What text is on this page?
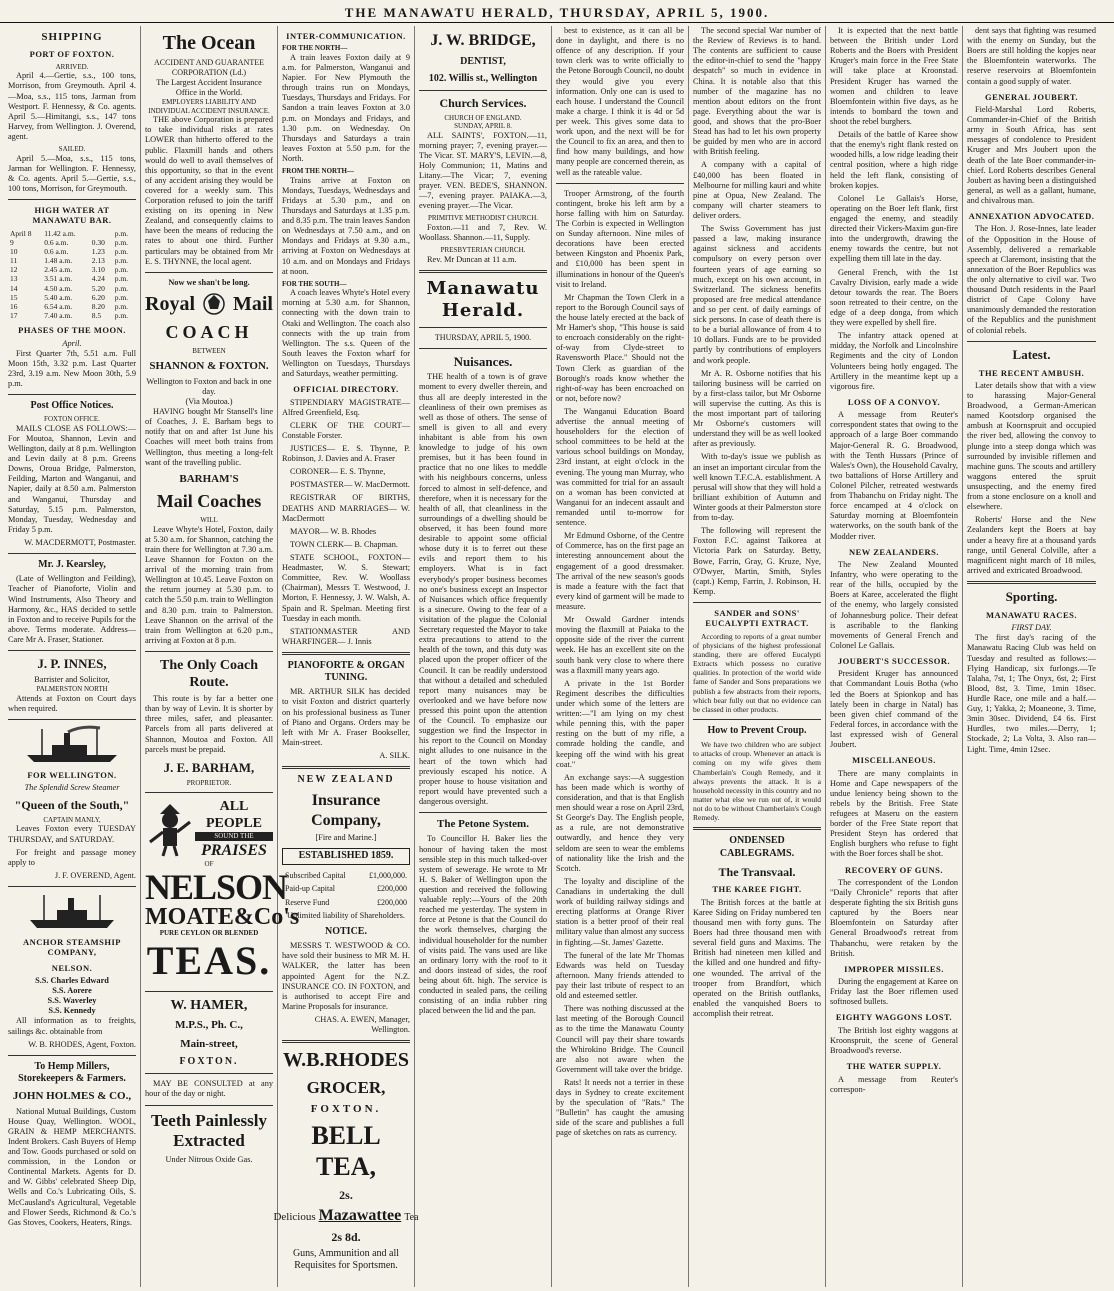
THE MANAWATU HERALD, THURSDAY, APRIL 5, 1900.
SHIPPING
PORT OF FOXTON.
ARRIVED.

April 4.—Gertie, s.s., 100 tons, Morrison, from Greymouth. April 4.—Moa, s.s., 115 tons, Jarman from Westport. F. Hennessy, & Co. agents. April 5.—Himitangi, s.s., 147 tons Harvey, from Wellington. J. Overend, agent.

SAILED.

April 5.—Moa, s.s., 115 tons, Jarman for Wellington. F. Hennessy, & Co. agents. April 5.—Gertie, s.s., 100 tons, Morrison, for Greymouth.

HIGH WATER AT MANAWATU BAR.
April 8	11.42 a.m.		p.m.
9	0.6 a.m.	0.30	p.m.
10	0.6 a.m.	1.23	p.m.
11	1.48 a.m.	2.13	p.m.
12	2.45 a.m.	3.10	p.m.
13	3.51 a.m.	4.24	p.m.
14	4.50 a.m.	5.20	p.m.
15	5.40 a.m.	6.20	p.m.
16	6.54 a.m.	8.20	p.m.
17	7.40 a.m.	8.5	p.m.
PHASES OF THE MOON.
April.

First Quarter 7th, 5.51 a.m. Full Moon 15th, 3.32 p.m. Last Quarter 23rd, 3.19 a.m. New Moon 30th, 5.9 p.m.

Post Office Notices.
FOXTON OFFICE.

MAILS CLOSE AS FOLLOWS:— For Moutoa, Shannon, Levin and Wellington, daily at 8 p.m. Wellington and Levin daily at 8 p.m. Greens Downs, Oroua Bridge, Palmerston, Feilding, Marton and Wanganui, and Napier, daily at 8.50 a.m. Palmerston and Wanganui, Thursday and Saturday, 5.15 p.m. Palmerston, Monday, Tuesday, Wednesday and Friday 5 p.m.

W. MACDERMOTT, Postmaster.
Mr. J. Kearsley,

(Late of Wellington and Feilding), Teacher of Pianoforte, Violin and Wind Instruments, Also Theory and Harmony, &c., HAS decided to settle in Foxton and to receive Pupils for the above. Terms moderate. Address—Care Mr A. Fraser, Stationer.

J. P. INNES,
Barrister and Solicitor,
PALMERSTON NORTH

Attends at Foxton on Court days when required.

FOR WELLINGTON.
The Splendid Screw Steamer
"Queen of the South,"
CAPTAIN MANLY,

Leaves Foxton every TUESDAY THURSDAY, and SATURDAY.

For freight and passage money apply to

J. F. OVEREND, Agent.
ANCHOR STEAMSHIP COMPANY,
NELSON.
S.S. Charles Edward
S.S. Aorere
S.S. Waverley
S.S. Kennedy

All information as to freights, sailings &c. obtainable from

W. B. RHODES, Agent, Foxton.
To Hemp Millers, Storekeepers & Farmers.
JOHN HOLMES & CO.,

National Mutual Buildings, Custom House Quay, Wellington. WOOL, GRAIN & HEMP MERCHANTS. Indent Brokers. Cash Buyers of Hemp and Tow. Goods purchased or sold on commission, in the London or Continental Markets. Agents for D. and W. Gibbs' celebrated Sheep Dip, Wells and Co.'s Lubricating Oils, S. McCausland's Agricultural, Vegetable and Flower Seeds, Richmond & Co.'s Gas Stoves, Cookers, Heaters, Rings.

The Ocean
ACCIDENT AND GUARANTEE CORPORATION (Ld.)
The Largest Accident Insurance Office in the World.
EMPLOYERS LIABILITY AND INDIVIDUAL ACCIDENT INSURANCE.

THE above Corporation is prepared to take individual risks at rates LOWER than hitherto offered to the public. Flaxmill hands and others would do well to avail themselves of this opportunity, so that in the event of any accident arising they would be covered for a weekly sum. This Corporation refused to join the tariff existing on its opening in New Zealand, and consequently claims to have been the means of reducing the rates to about one third. Further particulars may be obtained from Mr E. S. THYNNE, the local agent.

Now we shan't be long.
Royal Mail
COACH
BETWEEN
SHANNON & FOXTON.
Wellington to Foxton and back in one day.
(Via Moutoa.)

HAVING bought Mr Stansell's line of Coaches, J. E. Barham begs to notify that on and after 1st June his Coaches will meet both trains from Wellington, thus meeting a long-felt want of the travelling public.

BARHAM'S
Mail Coaches
WILL

Leave Whyte's Hotel, Foxton, daily at 5.30 a.m. for Shannon, catching the train there for Wellington at 7.30 a.m. Leave Shannon for Foxton on the arrival of the morning train from Wellington at 10.45. Leave Foxton on the return journey at 5.30 p.m. to catch the 5.50 p.m. train to Wellington and 8.30 p.m. train to Palmerston. Leave Shannon on the arrival of the train from Wellington at 6.20 p.m., arriving at Foxton at 8 p.m.

The Only Coach Route.

This route is by far a better one than by way of Levin. It is shorter by three miles, safer, and pleasanter. Parcels from all parts delivered at Shannon, Moutoa and Foxton. All parcels must be prepaid.

J. E. BARHAM,
PROPRIETOR.
ALL PEOPLE
SOUND THE
PRAISES
OF
NELSON
MOATE&Co's
PURE CEYLON OR BLENDED
TEAS.
W. HAMER,
M.P.S., Ph. C.,
Main-street,
FOXTON.

MAY BE CONSULTED at any hour of the day or night.

Teeth Painlessly Extracted
Under Nitrous Oxide Gas.
INTER-COMMUNICATION.
FOR THE NORTH—

A train leaves Foxton daily at 9 a.m. for Palmerston, Wanganui and Napier. For New Plymouth the through trains run on Mondays, Tuesdays, Thursdays and Fridays. For Sandon a train leaves Foxton at 3.0 p.m. on Mondays and Fridays, and 1.30 p.m. on Wednesday. On Thursdays and Saturdays a train leaves Foxton at 5.50 p.m. for the North.

FROM THE NORTH—

Trains arrive at Foxton on Mondays, Tuesdays, Wednesdays and Fridays at 5.30 p.m., and on Thursdays and Saturdays at 1.35 p.m. and 8.35 p.m. The train leaves Sandon on Wednesdays at 7.50 a.m., and on Mondays and Fridays at 9.30 a.m., arriving at Foxton on Wednesdays at 10 a.m. and on Mondays and Fridays at noon.

FOR THE SOUTH—

A coach leaves Whyte's Hotel every morning at 5.30 a.m. for Shannon, connecting with the down train to Otaki and Wellington. The coach also connects with the up train from Wellington. The s.s. Queen of the South leaves the Foxton wharf for Wellington on Tuesdays, Thursdays and Saturdays, weather permitting.

OFFICIAL DIRECTORY.

STIPENDIARY MAGISTRATE— Alfred Greenfield, Esq.

CLERK OF THE COURT— Constable Forster.

JUSTICES— E. S. Thynne, P. Robinson, J. Davies and A. Fraser

CORONER— E. S. Thynne,

POSTMASTER— W. MacDermott.

REGISTRAR OF BIRTHS, DEATHS AND MARRIAGES— W. MacDermott

MAYOR— W. B. Rhodes

TOWN CLERK— B. Chapman.

STATE SCHOOL, FOXTON— Headmaster, W. S. Stewart; Committee, Rev. W. Woollass (Chairman), Messrs T. Westwood, J. Morton, F. Hennessy, J. W. Walsh, A. Spain and R. Spelman. Meeting first Tuesday in each month.

STATIONMASTER AND WHARFINGER— J. Innis

PIANOFORTE & ORGAN TUNING.

MR. ARTHUR SILK has decided to visit Foxton and district quarterly on his professional business as Tuner of Piano and Organs. Orders may be left with Mr A. Fraser Bookseller, Main-street.

A. SILK.
NEW ZEALAND
Insurance Company,
[Fire and Marine.]
ESTABLISHED 1859.
Subscribed Capital	£1,000,000.
Paid-up Capital	£200,000
Reserve Fund	£200,000
Unlimited liability of Shareholders.
NOTICE.

MESSRS T. WESTWOOD & CO. have sold their business to MR M. H. WALKER, the latter has been appointed Agent for the N.Z. INSURANCE CO. IN FOXTON, and is authorised to accept Fire and Marine Proposals for insurance.

CHAS. A. EWEN, Manager, Wellington.
W.B.RHODES
GROCER,
FOXTON.
BELL TEA,
2s.
Delicious Mazawattee Tea
2s 8d.
Guns, Ammunition and all Requisites for Sportsmen.
J. W. BRIDGE,
DENTIST,
102. Willis st., Wellington
Church Services.
CHURCH OF ENGLAND.
SUNDAY, APRIL 8.

ALL SAINTS', FOXTON.—11, morning prayer; 7, evening prayer.—The Vicar. ST. MARY'S, LEVIN.—8, Holy Communion; 11, Matins and Litany.—The Vicar; 7, evening prayer. VEN. BEDE'S, SHANNON.—7, evening prayer. PAIAKA.—3, evening prayer.—The Vicar.

PRIMITIVE METHODIST CHURCH.

Foxton.—11 and 7, Rev. W. Woollass. Shannon.—11, Supply.

PRESBYTERIAN CHURCH.

Rev. Mr Duncan at 11 a.m.

Manawatu Herald.
THURSDAY, APRIL 5, 1900.
Nuisances.

THE health of a town is of grave moment to every dweller therein, and thus all are deeply interested in the cleanliness of their own premises as well as those of others. The sense of smell is given to all and every inhabitant is able from his own knowledge to judge of his own premises, but it has been found in practice that no one likes to meddle with his neighbours concerns, unless forced to almost in self-defence, and therefore, when it is necessary for the health of all, that cleanliness in the surroundings of a dwelling should be observed, it has been found more desirable to appoint some official whose duty it is to ferret out these evils and report them to his employers. What is in fact everybody's proper business becomes no one's business except an Inspector of Nuisances which office frequently is a sinecure. Owing to the fear of a visitation of the plague the Colonial Secretary requested the Mayor to take extra precautions to attend to the health of the town, and this duty was placed upon the proper officer of the Council. It can be readily understood that without a detailed and scheduled report many nuisances may be overlooked and we have before now pressed this point upon the attention of the Council. To emphasize our suggestion we find the Inspector in his report to the Council on Monday night alludes to one nuisance in the heart of the town which had previously escaped his notice. A proper house to house visitation and report would have prevented such a dangerous oversight.

The Petone System.

To Councillor H. Baker lies the honour of having taken the most sensible step in this much talked-over system of sewerage. He wrote to Mr H. S. Baker of Wellington upon the question and received the following valuable reply:—Yours of the 20th reached me yesterday. The system in force at Petone is that the Council do the work themselves, charging the individual householder for the number of visits paid. The vans used are like an ordinary lorry with the roof to it and doors instead of sides, the roof being about 6ft. high. The service is conducted in sealed pans, the ceiling consisting of an india rubber ring placed between the lid and the pan.

best to existence, as it can all be done in daylight, and there is no offence of any description. If your town clerk was to write officially to the Petone Borough Council, no doubt they would give you every information. Only one can is used to each house. I understand the Council make a charge. I think it is 4d or 5d per week. This gives some data to work upon, and the next will be for the Council to fix an area, and then to find how many buildings, and how many people are concerned therein, as well as the rateable value.

Trooper Armstrong, of the fourth contingent, broke his left arm by a horse falling with him on Saturday. The Corbin is expected in Wellington on Sunday afternoon. Nine miles of decorations have been erected between Kingston and Phoenix Park, and £10,000 has been spent in illuminations in honour of the Queen's visit to Ireland.

Mr Chapman the Town Clerk in a report to the Borough Council says of the house lately erected at the back of Mr Hamer's shop, "This house is said to encroach considerably on the right-of-way from Clyde-street to Ravensworth Place." Should not the Town Clerk as guardian of the Borough's roads know whether the right-of-way has been encroached on or not, before now?

The Wanganui Education Board advertise the annual meeting of householders for the election of school committees to be held at the various school buildings on Monday, 23rd instant, at eight o'clock in the evening. The young man Murray, who was committed for trial for an assault on a woman has been convicted at Wanganui for an indecent assault and remanded until to-morrow for sentence.

Mr Edmund Osborne, of the Centre of Commerce, has on the first page an interesting announcement about the engagement of a good dressmaker. The arrival of the new season's goods is made a feature with the fact that every kind of garment will be made to measure.

Mr Oswald Gardner intends moving the flaxmill at Paiaka to the opposite side of the river the current week. He has an excellent site on the south bank very close to where there was a flaxmill many years ago.

A private in the 1st Border Regiment describes the difficulties under which some of the letters are written:—"I am lying on my chest while penning this, with the paper resting on the butt of my rifle, a comrade holding the candle, and keeping off the wind with his great coat."

An exchange says:—A suggestion has been made which is worthy of consideration, and that is that English men should wear a rose on April 23rd, St George's Day. The English people, as a rule, are not demonstrative outwardly, and hence they very seldom are seen to wear the emblems of nationality like the Irish and the Scotch.

The loyalty and discipline of the Canadians in undertaking the dull work of building railway sidings and erecting platforms at Orange River station is a better proof of their real military value than almost any success in fighting.—St. James' Gazette.

The funeral of the late Mr Thomas Edwards was held on Tuesday afternoon. Many friends attended to pay their last tribute of respect to an old and esteemed settler.

There was nothing discussed at the last meeting of the Borough Council as to the time the Manawatu County Council will pay their share towards the Whirokino Bridge. The Council are also not aware when the Government will take over the bridge.

Rats! It needs not a terrier in these days in Sydney to create excitement by the speculation of "Rats." The "Bulletin" has caught the amusing side of the scare and publishes a full page of sketches on rats as currency.

The second special War number of the Review of Reviews is to hand. The contents are sufficient to cause the editor-in-chief to send the "happy despatch" so much in evidence in China. It is notable also that this number of the magazine has no mention about editors on the front page. Everything about the war is good, and shows that the pro-Boer Stead has had to let his own property be guided by men who are in accord with British feeling.

A company with a capital of £40,000 has been floated in Melbourne for milling kauri and white pine at Opua, New Zealand. The company will charter steamers to deliver orders.

The Swiss Government has just passed a law, making insurance against sickness and accidents compulsory on every person over fourteen years of age earning so much, except on his own account, in Switzerland. The sickness benefits proposed are free medical attendance and so per cent. of daily earnings of sick persons. In case of death there is to be a burial allowance of from 4 to 10 dollars. Funds are to be provided partly by contributions of employers and work people.

Mr A. R. Osborne notifies that his tailoring business will be carried on by a first-class tailor, but Mr Osborne will supervise the cutting. As this is the most important part of tailoring Mr Osborne's customers will understand they will be as well looked after as previously.

With to-day's issue we publish as an inset an important circular from the well known T.F.C.A. establishment. A perusal will show that they will hold a brilliant exhibition of Autumn and Winter goods at their Palmerston store from to-day.

The following will represent the Foxton F.C. against Taikorea at Victoria Park on Saturday. Betty, Bowe, Farrin, Gray, G. Kruze, Nye, O'Dwyer, Martin, Smith, Styles (capt.) Kemp, Farrin, J. Robinson, H. Kemp.

SANDER and SONS' EUCALYPTI EXTRACT.

According to reports of a great number of physicians of the highest professional standing, there are offered Eucalypti Extracts which possess no curative qualities. In protection of the world wide fame of Sander and Sons preparations we publish a few abstracts from their reports, which bear fully out that no evidence can be classed in other products.

How to Prevent Croup.

We have two children who are subject to attacks of croup. Whenever an attack is coming on my wife gives them Chamberlain's Cough Remedy, and it always prevents the attack. It is a household necessity in this country and no matter what else we run out of, it would not do to be without Chamberlain's Cough Remedy.

ONDENSED CABLEGRAMS.
The Transvaal.
THE KAREE FIGHT.

The British forces at the battle at Karee Siding on Friday numbered ten thousand men with forty guns. The Boers had three thousand men with several field guns and Maxims. The British had nineteen men killed and the killed and one hundred and fifty-one wounded. The arrival of the trooper from Brandfort, which operated on the British outflanks, enabled the vanquished Boers to accomplish their retreat.

It is expected that the next battle between the British under Lord Roberts and the Boers with President Kruger's main force in the Free State will take place at Kroonstad. President Kruger has warned the women and children to leave Bloemfontein within five days, as he intends to bombard the town and shoot the rebel burghers.

Details of the battle of Karee show that the enemy's right flank rested on wooded hills, a low ridge leading their central position, where a high ridge held the left flank, consisting of broken kopjes.

Colonel Le Gallais's Horse, operating on the Boer left flank, first engaged the enemy, and steadily directed their Vickers-Maxim gun-fire into the undergrowth, drawing the enemy towards the centre, but not expelling them till late in the day.

General French, with the 1st Cavalry Division, early made a wide detour towards the rear. The Boers soon retreated to their centre, on the edge of a deep donga, from which they were expelled by shell fire.

The infantry attack opened at midday, the Norfolk and Lincolnshire Regiments and the city of London Volunteers being hotly engaged. The Artillery in the meantime kept up a vigorous fire.

LOSS OF A CONVOY.

A message from Reuter's correspondent states that owing to the approach of a large Boer commando Major-General R. G. Broadwood, with the Tenth Hussars (Prince of Wales's Own), the Household Cavalry, two battalions of Horse Artillery and Colonel Pilcher, retreated westwards from Thabanchu on Friday night. The force encamped at 4 o'clock on Saturday morning at Bloemfontein waterworks, on the south bank of the Modder river.

NEW ZEALANDERS.

The New Zealand Mounted Infantry, who were operating to the rear of the hills, occupied by the Boers at Karee, accelerated the flight of the enemy, who largely consisted of Johannesburg police. Their defeat is ascribable to the flanking movements of General French and Colonel Le Gallais.

JOUBERT'S SUCCESSOR.

President Kruger has announced that Commandant Louis Botha (who led the Boers at Spionkop and has lately been in charge in Natal) has been given chief command of the Federal forces, in accordance with the last expressed wish of General Joubert.

MISCELLANEOUS.

There are many complaints in Home and Cape newspapers of the undue leniency being shown to the rebels by the British. Free State refugees at Maseru on the eastern border of the Free State report that President Steyn has ordered that English burghers who refuse to fight with the Boer forces shall be shot.

RECOVERY OF GUNS.

The correspondent of the London "Daily Chronicle" reports that after desperate fighting the six British guns captured by the Boers near Bloemfontein on Saturday after General Broadwood's retreat from Thabanchu, were retaken by the British.

IMPROPER MISSILES.

During the engagement at Karee on Friday last the Boer riflemen used softnosed bullets.

EIGHTY WAGGONS LOST.

The British lost eighty waggons at Kroonspruit, the scene of General Broadwood's reverse.

THE WATER SUPPLY.

A message from Reuter's correspon-

dent says that fighting was resumed with the enemy on Sunday, but the Boers are still holding the kopjes near the Bloemfontein waterworks. The reserve reservoirs at Bloemfontein contain a good supply of water.

GENERAL JOUBERT.

Field-Marshal Lord Roberts, Commander-in-Chief of the British army in South Africa, has sent messages of condolence to President Kruger and Mrs Joubert upon the death of the late Boer commander-in-chief. Lord Roberts describes General Joubert as having been a distinguished general, as well as a gallant, humane, and chivalrous man.

ANNEXATION ADVOCATED.

The Hon. J. Rose-Innes, late leader of the Opposition in the House of Assembly, delivered a remarkable speech at Claremont, insisting that the annexation of the Boer Republics was the only alternative to civil war. Two thousand Dutch residents in the Paarl district of Cape Colony have unanimously demanded the restoration of the Republics and the punishment of colonial rebels.

Latest.
THE RECENT AMBUSH.

Later details show that with a view to harassing Major-General Broadwood, a German-American named Kootsdorp organised the ambush at Koornspruit and occupied the river bed, allowing the convoy to plunge into a steep donga which was surrounded by invisible riflemen and machine guns. The scouts and artillery waggons entered the spruit unsuspecting, and the enemy fired from a stone enclosure on a knoll and elsewhere.

Roberts' Horse and the New Zealanders kept the Boers at bay under a heavy fire at a thousand yards range, until General Colville, after a magnificent night march of 18 miles, arrived and extricated Broadwood.

Sporting.
MANAWATU RACES.
FIRST DAY.

The first day's racing of the Manawatu Racing Club was held on Tuesday and resulted as follows:— Flying Handicap, six furlongs.—Te Talaha, 7st, 1; The Onyx, 6st, 2; First Blood, 8st, 3. Time, 1min 18sec. Hurdle Race, one mile and a half.— Guy, 1; Yakka, 2; Moaneone, 3. Time, 3min 30sec. Dividend, £4 6s. First Hurdles, two miles.—Derry, 1; Stockade, 2; La Volta, 3. Also ran—Light. Time, 4min 12sec.
